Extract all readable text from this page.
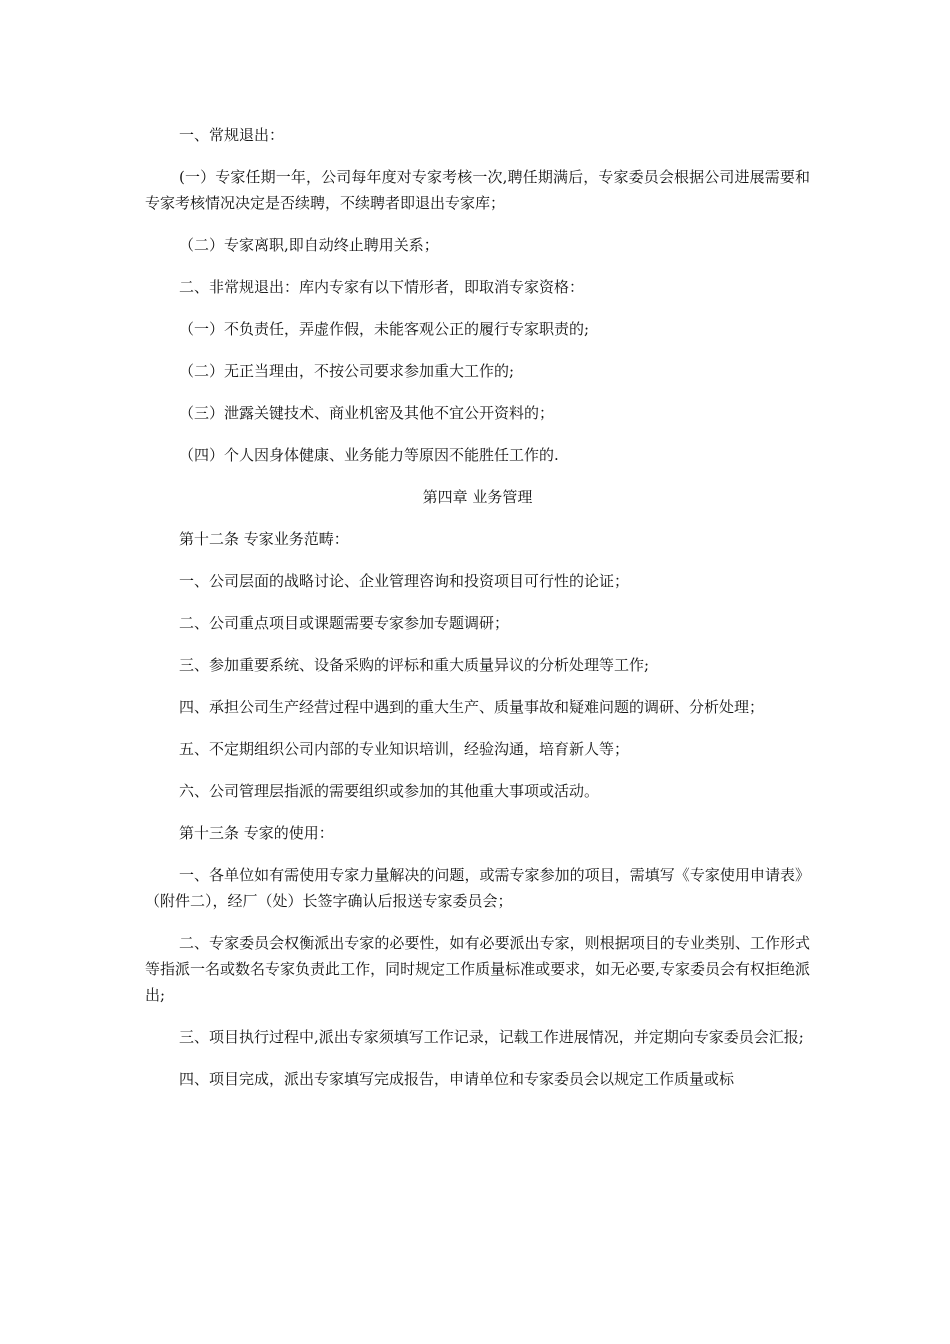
一、常规退出：

(一）专家任期一年，公司每年度对专家考核一次,聘任期满后，专家委员会根据公司进展需要和专家考核情况决定是否续聘，不续聘者即退出专家库；

（二）专家离职,即自动终止聘用关系；

二、非常规退出：库内专家有以下情形者，即取消专家资格：

（一）不负责任，弄虚作假，未能客观公正的履行专家职责的;

（二）无正当理由，不按公司要求参加重大工作的;

（三）泄露关键技术、商业机密及其他不宜公开资料的；

（四）个人因身体健康、业务能力等原因不能胜任工作的.

第四章 业务管理

第十二条 专家业务范畴：

一、公司层面的战略讨论、企业管理咨询和投资项目可行性的论证；

二、公司重点项目或课题需要专家参加专题调研；

三、参加重要系统、设备采购的评标和重大质量异议的分析处理等工作;

四、承担公司生产经营过程中遇到的重大生产、质量事故和疑难问题的调研、分析处理；

五、不定期组织公司内部的专业知识培训，经验沟通，培育新人等；

六、公司管理层指派的需要组织或参加的其他重大事项或活动。

第十三条 专家的使用：

一、各单位如有需使用专家力量解决的问题，或需专家参加的项目，需填写《专家使用申请表》（附件二），经厂（处）长签字确认后报送专家委员会；

二、专家委员会权衡派出专家的必要性，如有必要派出专家，则根据项目的专业类别、工作形式等指派一名或数名专家负责此工作，同时规定工作质量标准或要求，如无必要,专家委员会有权拒绝派出;

三、项目执行过程中,派出专家须填写工作记录，记载工作进展情况，并定期向专家委员会汇报;

四、项目完成，派出专家填写完成报告，申请单位和专家委员会以规定工作质量或标
